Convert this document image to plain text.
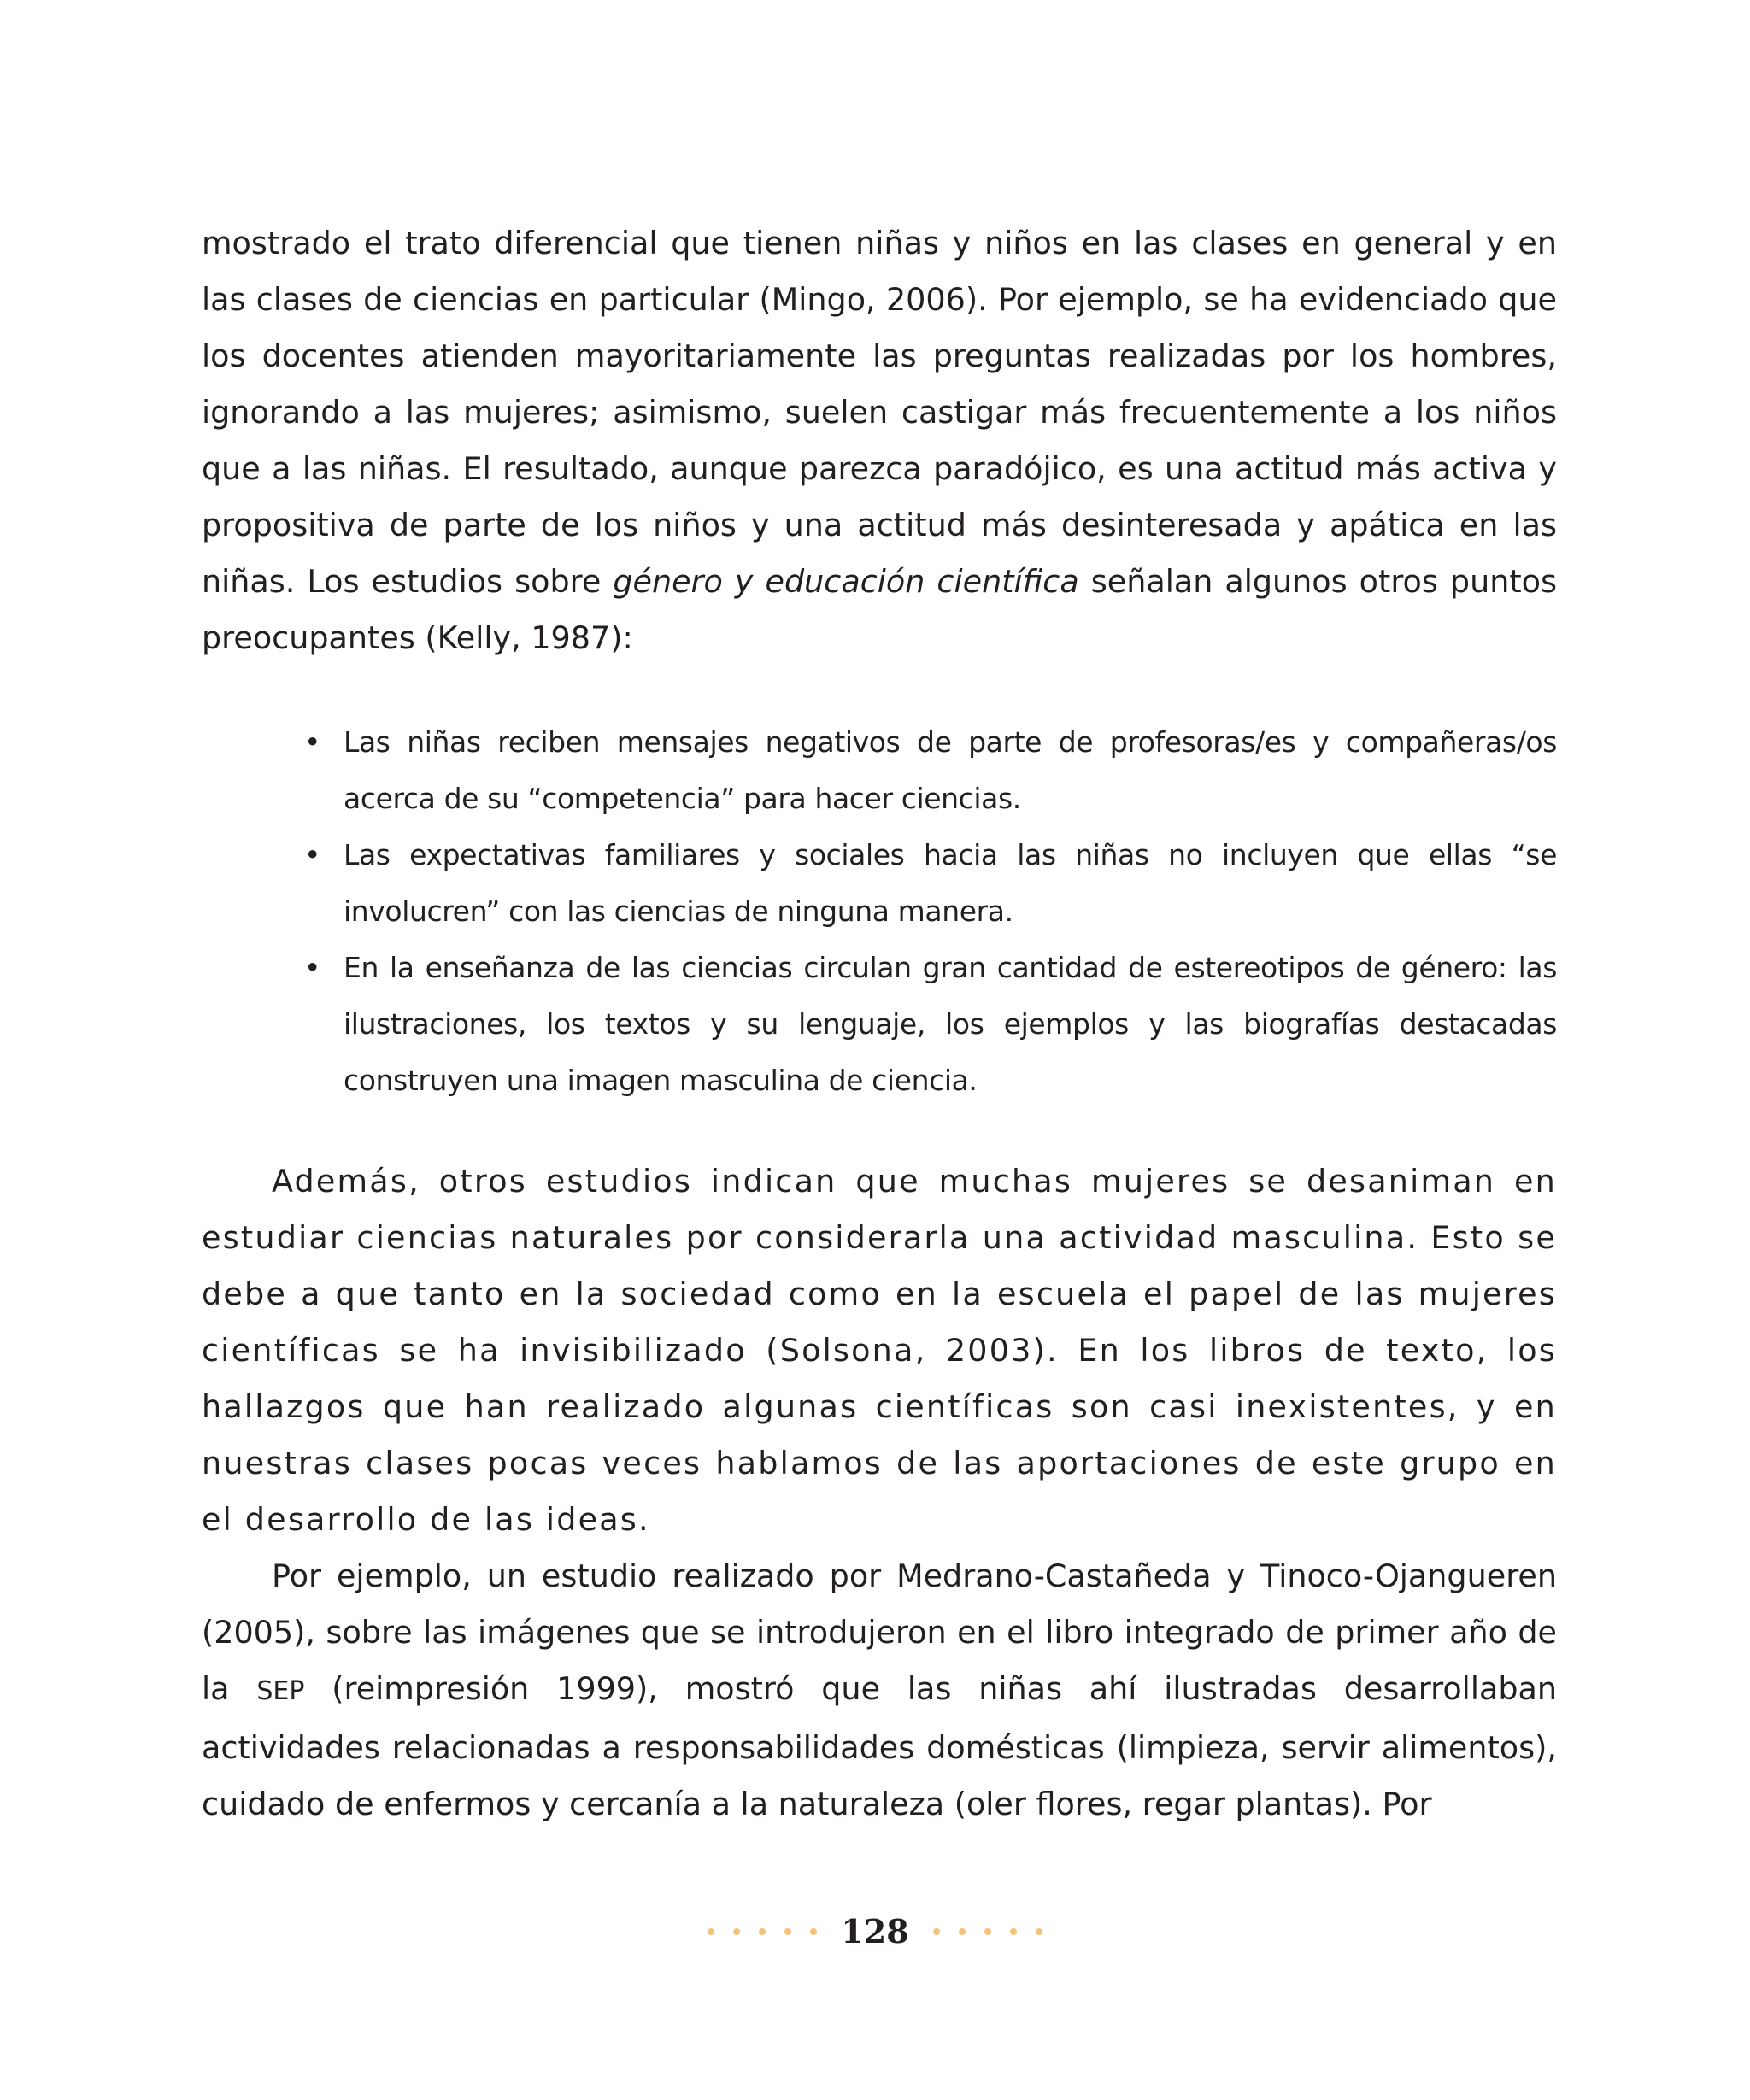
mostrado el trato diferencial que tienen niñas y niños en las clases en general y en las clases de ciencias en particular (Mingo, 2006). Por ejemplo, se ha evidenciado que los docentes atienden mayoritariamente las preguntas realizadas por los hombres, ignorando a las mujeres; asimismo, suelen castigar más frecuentemente a los niños que a las niñas. El resultado, aunque parezca paradójico, es una actitud más activa y propositiva de parte de los niños y una actitud más desinteresada y apática en las niñas. Los estudios sobre género y educación científica señalan algunos otros puntos preocupantes (Kelly, 1987):

• Las niñas reciben mensajes negativos de parte de profesoras/es y compañeras/os acerca de su “competencia” para hacer ciencias.
• Las expectativas familiares y sociales hacia las niñas no incluyen que ellas “se involucren” con las ciencias de ninguna manera.
• En la enseñanza de las ciencias circulan gran cantidad de estereotipos de género: las ilustraciones, los textos y su lenguaje, los ejemplos y las biografías destacadas construyen una imagen masculina de ciencia.

Además, otros estudios indican que muchas mujeres se desaniman en estudiar ciencias naturales por considerarla una actividad masculina. Esto se debe a que tanto en la sociedad como en la escuela el papel de las mujeres científicas se ha invisibilizado (Solsona, 2003). En los libros de texto, los hallazgos que han realizado algunas científicas son casi inexistentes, y en nuestras clases pocas veces hablamos de las aportaciones de este grupo en el desarrollo de las ideas.

Por ejemplo, un estudio realizado por Medrano-Castañeda y Tinoco-Ojangueren (2005), sobre las imágenes que se introdujeron en el libro integrado de primer año de la SEP (reimpresión 1999), mostró que las niñas ahí ilustradas desarrollaban actividades relacionadas a responsabilidades domésticas (limpieza, servir alimentos), cuidado de enfermos y cercanía a la naturaleza (oler flores, regar plantas). Por

128
